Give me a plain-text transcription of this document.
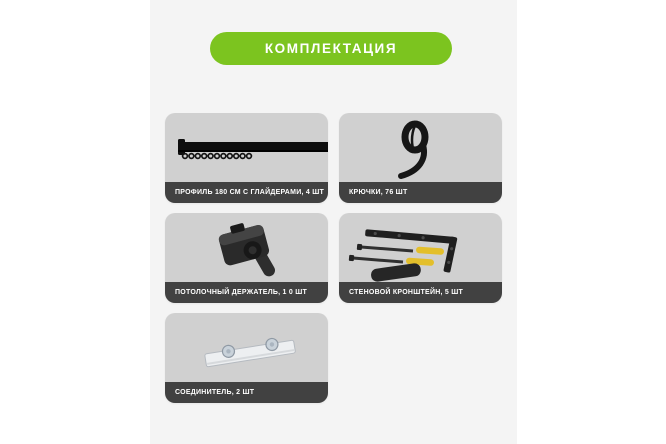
КОМПЛЕКТАЦИЯ
ПРОФИЛЬ 180 СМ С ГЛАЙДЕРАМИ, 4 ШТ	КРЮЧКИ, 76 ШТ
ПОТОЛОЧНЫЙ ДЕРЖАТЕЛЬ, 1 0 ШТ	СТЕНОВОЙ КРОНШТЕЙН, 5 ШТ
СОЕДИНИТЕЛЬ, 2 ШТ
